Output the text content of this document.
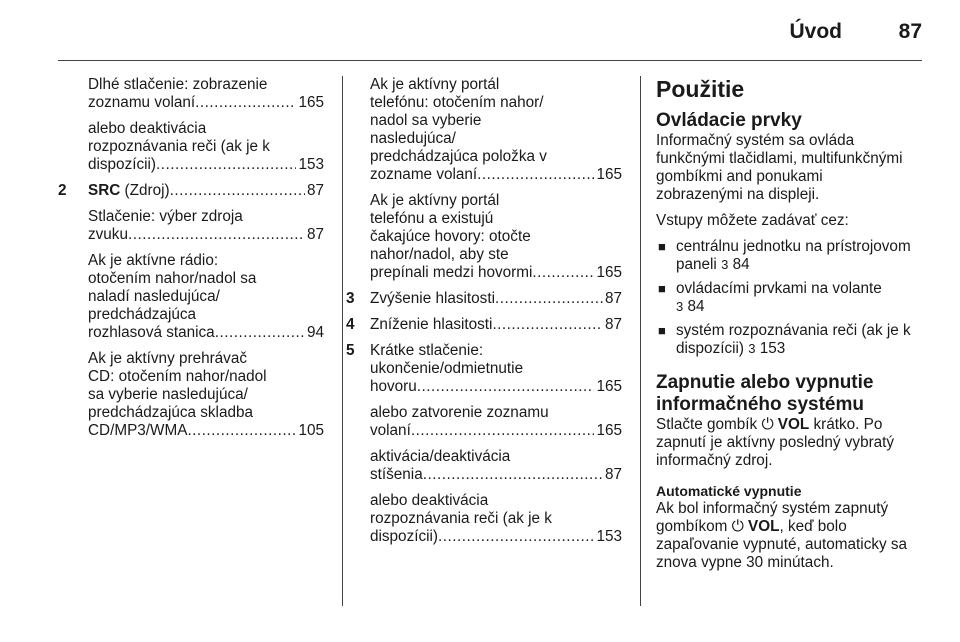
Úvod	87
Dlhé stlačenie: zobrazenie
zoznamu volaní .....	165
alebo deaktivácia
rozpoznávania reči (ak je k
dispozícii) .....	153
2 SRC (Zdroj) .....	87
Stlačenie: výber zdroja
zvuku .....	87
Ak je aktívne rádio:
otočením nahor/nadol sa
naladí nasledujúca/
predchádzajúca
rozhlasová stanica .....	94
Ak je aktívny prehrávač
CD: otočením nahor/nadol
sa vyberie nasledujúca/
predchádzajúca skladba
CD/MP3/WMA .....	105
Ak je aktívny portál
telefónu: otočením nahor/
nadol sa vyberie
nasledujúca/
predchádzajúca položka v
zozname volaní .....	165
Ak je aktívny portál
telefónu a existujú
čakajúce hovory: otočte
nahor/nadol, aby ste
prepínali medzi hovormi .....	165
3 Zvýšenie hlasitosti .....	87
4 Zníženie hlasitosti .....	87
5 Krátke stlačenie:
ukončenie/odmietnutie
hovoru .....	165
alebo zatvorenie zoznamu
volaní .....	165
aktivácia/deaktivácia
stíšenia .....	87
alebo deaktivácia
rozpoznávania reči (ak je k
dispozícii) .....	153
Použitie
Ovládacie prvky
Informačný systém sa ovláda
funkčnými tlačidlami, multifunkčnými
gombíkmi and ponukami
zobrazenými na displeji.
Vstupy môžete zadávať cez:
■ centrálnu jednotku na prístrojovom
paneli 3 84
■ ovládacími prvkami na volante
3 84
■ systém rozpoznávania reči (ak je k
dispozícii) 3 153
Zapnutie alebo vypnutie
informačného systému
Stlačte gombík ⏻ VOL krátko. Po
zapnutí je aktívny posledný vybratý
informačný zdroj.
Automatické vypnutie
Ak bol informačný systém zapnutý
gombíkom ⏻ VOL, keď bolo
zapaľovanie vypnuté, automaticky sa
znova vypne 30 minútach.
